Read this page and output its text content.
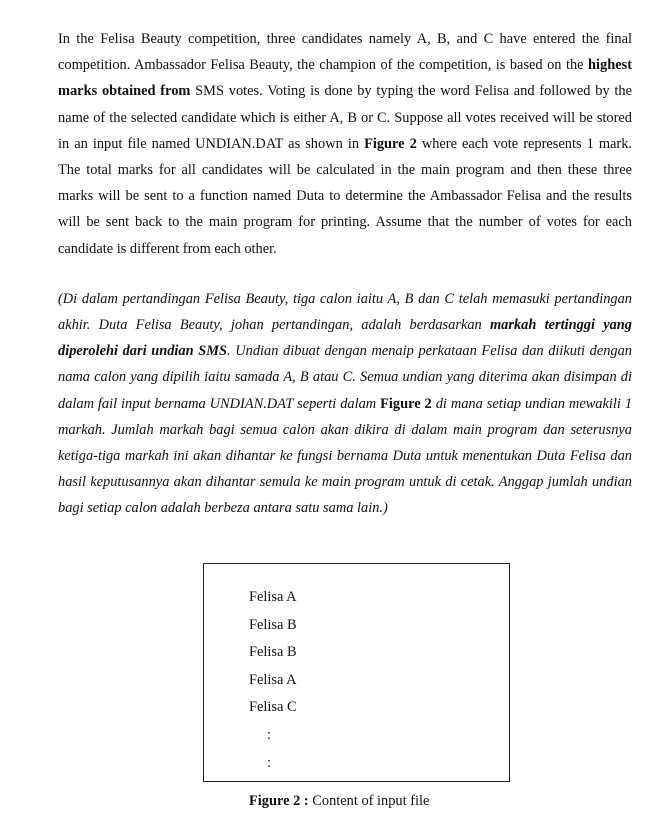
In the Felisa Beauty competition, three candidates namely A, B, and C have entered the final competition. Ambassador Felisa Beauty, the champion of the competition, is based on the highest marks obtained from SMS votes. Voting is done by typing the word Felisa and followed by the name of the selected candidate which is either A, B or C. Suppose all votes received will be stored in an input file named UNDIAN.DAT as shown in Figure 2 where each vote represents 1 mark. The total marks for all candidates will be calculated in the main program and then these three marks will be sent to a function named Duta to determine the Ambassador Felisa and the results will be sent back to the main program for printing. Assume that the number of votes for each candidate is different from each other.

(Di dalam pertandingan Felisa Beauty, tiga calon iaitu A, B dan C telah memasuki pertandingan akhir. Duta Felisa Beauty, johan pertandingan, adalah berdasarkan markah tertinggi yang diperolehi dari undian SMS. Undian dibuat dengan menaip perkataan Felisa dan diikuti dengan nama calon yang dipilih iaitu samada A, B atau C. Semua undian yang diterima akan disimpan di dalam fail input bernama UNDIAN.DAT seperti dalam Figure 2 di mana setiap undian mewakili 1 markah. Jumlah markah bagi semua calon akan dikira di dalam main program dan seterusnya ketiga-tiga markah ini akan dihantar ke fungsi bernama Duta untuk menentukan Duta Felisa dan hasil keputusannya akan dihantar semula ke main program untuk di cetak. Anggap jumlah undian bagi setiap calon adalah berbeza antara satu sama lain.)

Felisa A
Felisa B
Felisa B
Felisa A
Felisa C
:
:
Figure 2 : Content of input file
